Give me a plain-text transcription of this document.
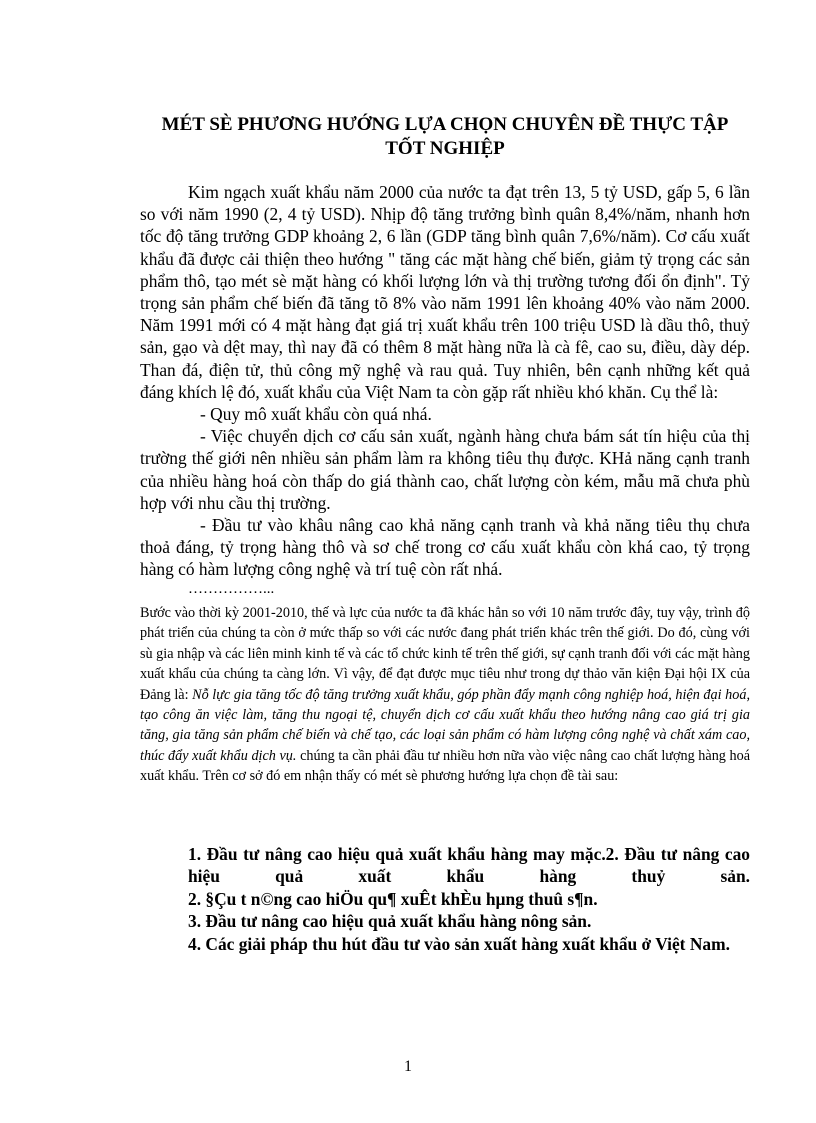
MÉT SÈ PHƯƠNG HƯỚNG LỰA CHỌN CHUYÊN ĐỀ THỰC TẬP TỐT NGHIỆP

Kim ngạch xuất khẩu năm 2000 của nước ta đạt trên 13, 5 tỷ USD, gấp 5, 6 lần so với năm 1990 (2, 4 tỷ USD). Nhịp độ tăng trưởng bình quân 8,4%/năm, nhanh hơn tốc độ tăng trưởng GDP khoảng 2, 6 lần (GDP tăng bình quân 7,6%/năm). Cơ cấu xuất khẩu đã được cải thiện theo hướng " tăng các mặt hàng chế biến, giảm tỷ trọng các sản phẩm thô, tạo mét sè mặt hàng có khối lượng lớn và thị trường tương đối ổn định". Tỷ trọng sản phẩm chế biến đã tăng tõ 8% vào năm 1991 lên khoảng 40% vào năm 2000. Năm 1991 mới có 4 mặt hàng đạt giá trị xuất khẩu trên 100 triệu USD là dầu thô, thuỷ sản, gạo và dệt may, thì nay đã có thêm 8 mặt hàng nữa là cà fê, cao su, điều, dày dép. Than đá, điện tử, thủ công mỹ nghệ và rau quả. Tuy nhiên, bên cạnh những kết quả đáng khích lệ đó, xuất khẩu của Việt Nam ta còn gặp rất nhiều khó khăn. Cụ thể là:

- Quy mô xuất khẩu còn quá nhá.

- Việc chuyển dịch cơ cấu sản xuất, ngành hàng chưa bám sát tín hiệu của thị trường thế giới nên nhiều sản phẩm làm ra không tiêu thụ được. KHả năng cạnh tranh của nhiều hàng hoá còn thấp do giá thành cao, chất lượng còn kém, mẫu mã chưa phù hợp với nhu cầu thị trường.

- Đầu tư vào khâu nâng cao khả năng cạnh tranh và khả năng tiêu thụ chưa thoả đáng, tỷ trọng hàng thô và sơ chế trong cơ cấu xuất khẩu còn khá cao, tỷ trọng hàng có hàm lượng công nghệ và trí tuệ còn rất nhá.

……………...
Bước vào thời kỳ 2001-2010, thế và lực của nước ta đã khác hẳn so với 10 năm trước đây, tuy vậy, trình độ phát triển của chúng ta còn ở mức thấp so với các nước đang phát triển khác trên thế giới. Do đó, cùng với sù gia nhập và các liên minh kinh tế và các tổ chức kinh tế trên thế giới, sự cạnh tranh đối với các mặt hàng xuất khẩu của chúng ta càng lớn. Vì vậy, để đạt được mục tiêu như trong dự thảo văn kiện Đại hội IX của Đảng là: Nỗ lực gia tăng tốc độ tăng trưởng xuất khẩu, góp phần đẩy mạnh công nghiệp hoá, hiện đại hoá, tạo công ăn việc làm, tăng thu ngoại tệ, chuyển dịch cơ cấu xuất khẩu theo hướng nâng cao giá trị gia tăng, gia tăng sản phẩm chế biến và chế tạo, các loại sản phẩm có hàm lượng công nghệ và chất xám cao, thúc đẩy xuất khẩu dịch vụ. chúng ta cần phải đầu tư nhiều hơn nữa vào việc nâng cao chất lượng hàng hoá xuất khẩu. Trên cơ sở đó em nhận thấy có mét sè phương hướng lựa chọn đề tài sau:
1. Đầu tư nâng cao hiệu quả xuất khẩu hàng may mặc.2. Đầu tư nâng cao hiệu quả xuất khẩu hàng thuỷ sản.
2. §Çu t n©ng cao hiÖu qu¶ xuÊt khÈu hµng thuû s¶n.
3. Đầu tư nâng cao hiệu quả xuất khẩu hàng nông sản.
4. Các giải pháp thu hút đầu tư vào sản xuất hàng xuất khẩu ở Việt Nam.
1
